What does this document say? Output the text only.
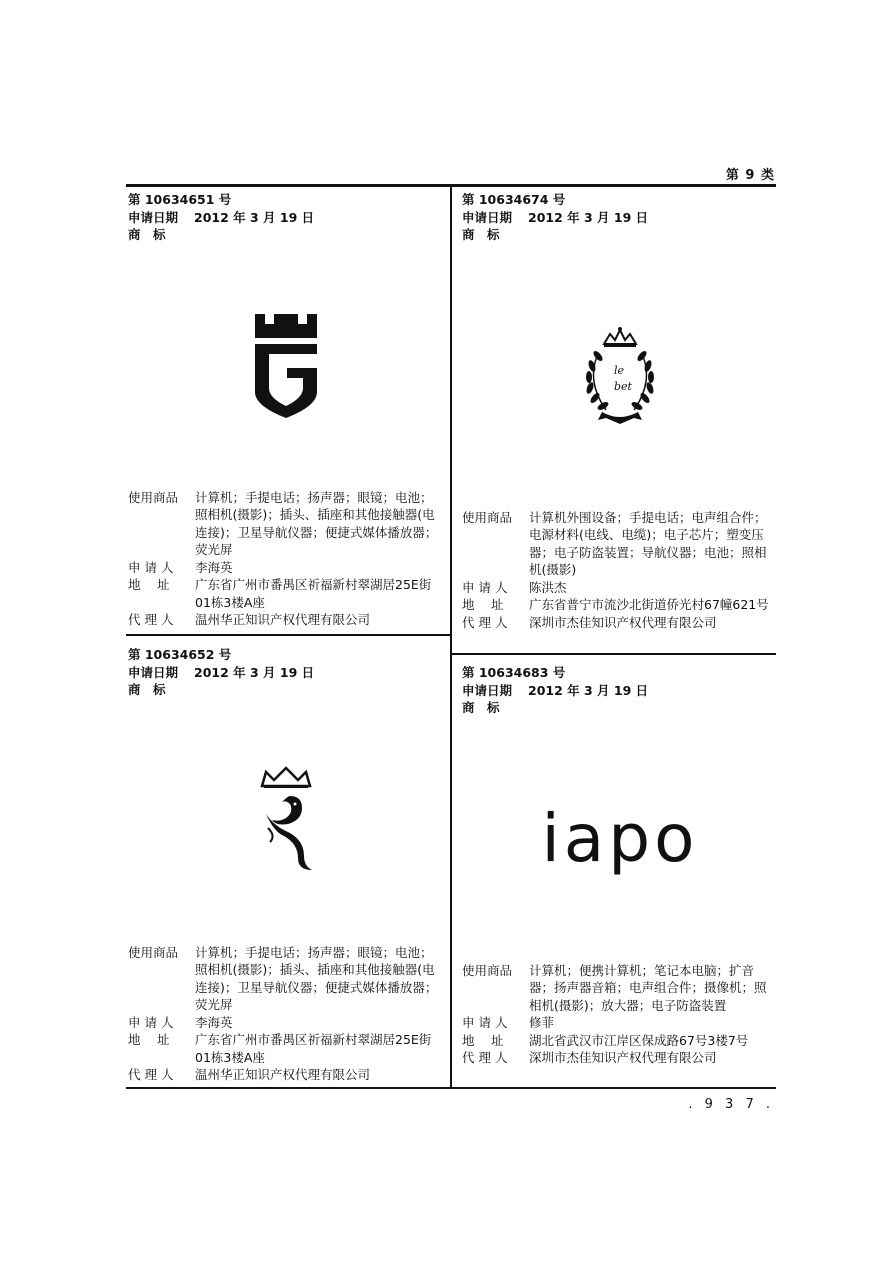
第 9 类
. 9 3 7 .
第 10634651 号
申请日期	2012 年 3 月 19 日
商　标
使用商品	计算机；手提电话；扬声器；眼镜；电池；照相机(摄影)；插头、插座和其他接触器(电连接)；卫星导航仪器；便捷式媒体播放器；荧光屏
申 请 人	李海英
地　 址	广东省广州市番禺区祈福新村翠湖居25E街01栋3楼A座
代 理 人	温州华正知识产权代理有限公司
第 10634674 号
申请日期	2012 年 3 月 19 日
商　标
le
bet
使用商品	计算机外围设备；手提电话；电声组合件；电源材料(电线、电缆)；电子芯片；塑变压器；电子防盗装置；导航仪器；电池；照相机(摄影)
申 请 人	陈洪杰
地　 址	广东省普宁市流沙北街道侨光村67幢621号
代 理 人	深圳市杰佳知识产权代理有限公司
第 10634652 号
申请日期	2012 年 3 月 19 日
商　标
使用商品	计算机；手提电话；扬声器；眼镜；电池；照相机(摄影)；插头、插座和其他接触器(电连接)；卫星导航仪器；便捷式媒体播放器；荧光屏
申 请 人	李海英
地　 址	广东省广州市番禺区祈福新村翠湖居25E街01栋3楼A座
代 理 人	温州华正知识产权代理有限公司
第 10634683 号
申请日期	2012 年 3 月 19 日
商　标
iapo
使用商品	计算机；便携计算机；笔记本电脑；扩音器；扬声器音箱；电声组合件；摄像机；照相机(摄影)；放大器；电子防盗装置
申 请 人	修菲
地　 址	湖北省武汉市江岸区保成路67号3楼7号
代 理 人	深圳市杰佳知识产权代理有限公司
